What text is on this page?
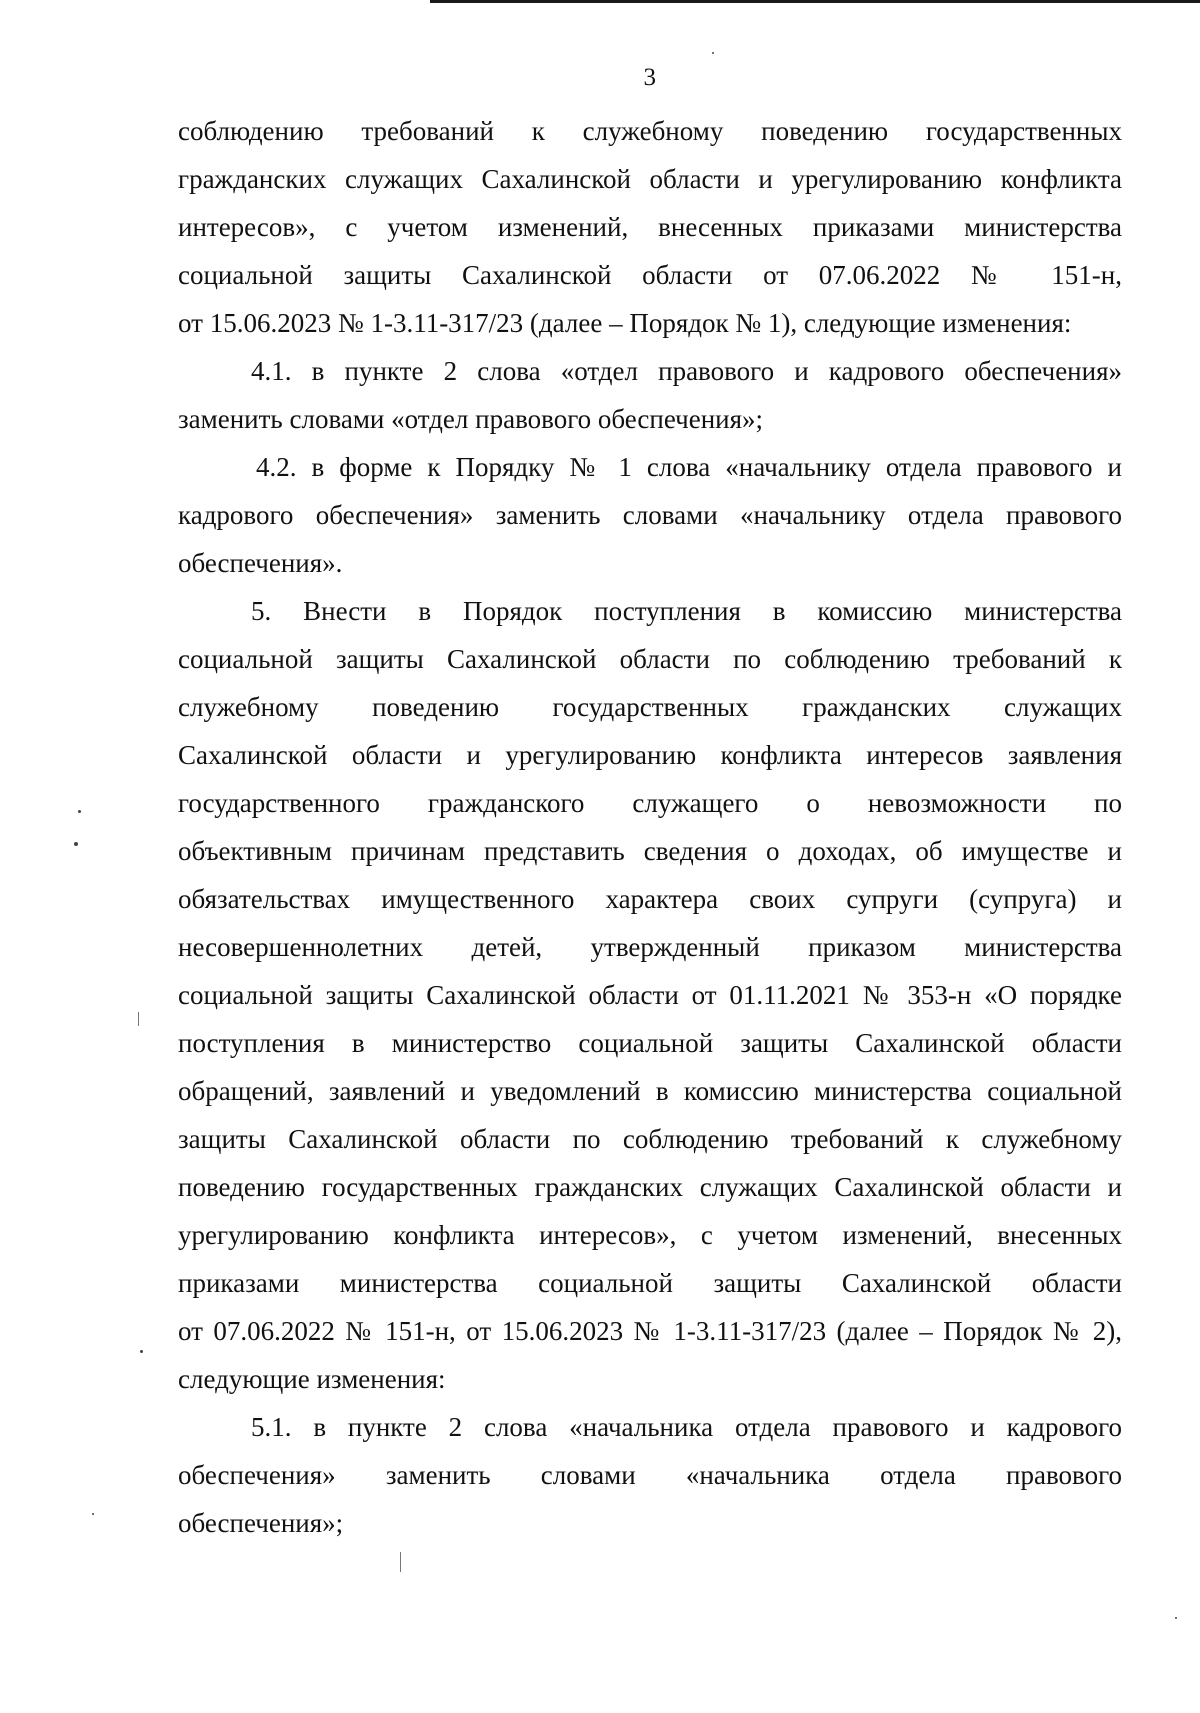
3
соблюдению требований к служебному поведению государственных
гражданских служащих Сахалинской области и урегулированию конфликта
интересов», с учетом изменений, внесенных приказами министерства
социальной защиты Сахалинской области от 07.06.2022 № 151-н,
от 15.06.2023 № 1-3.11-317/23 (далее – Порядок № 1), следующие изменения:
4.1. в пункте 2 слова «отдел правового и кадрового обеспечения»
заменить словами «отдел правового обеспечения»;
4.2. в форме к Порядку № 1 слова «начальнику отдела правового и
кадрового обеспечения» заменить словами «начальнику отдела правового
обеспечения».
5. Внести в Порядок поступления в комиссию министерства
социальной защиты Сахалинской области по соблюдению требований к
служебному поведению государственных гражданских служащих
Сахалинской области и урегулированию конфликта интересов заявления
государственного гражданского служащего о невозможности по
объективным причинам представить сведения о доходах, об имуществе и
обязательствах имущественного характера своих супруги (супруга) и
несовершеннолетних детей, утвержденный приказом министерства
социальной защиты Сахалинской области от 01.11.2021 № 353-н «О порядке
поступления в министерство социальной защиты Сахалинской области
обращений, заявлений и уведомлений в комиссию министерства социальной
защиты Сахалинской области по соблюдению требований к служебному
поведению государственных гражданских служащих Сахалинской области и
урегулированию конфликта интересов», с учетом изменений, внесенных
приказами министерства социальной защиты Сахалинской области
от 07.06.2022 № 151-н, от 15.06.2023 № 1-3.11-317/23 (далее – Порядок № 2),
следующие изменения:
5.1. в пункте 2 слова «начальника отдела правового и кадрового
обеспечения» заменить словами «начальника отдела правового
обеспечения»;
